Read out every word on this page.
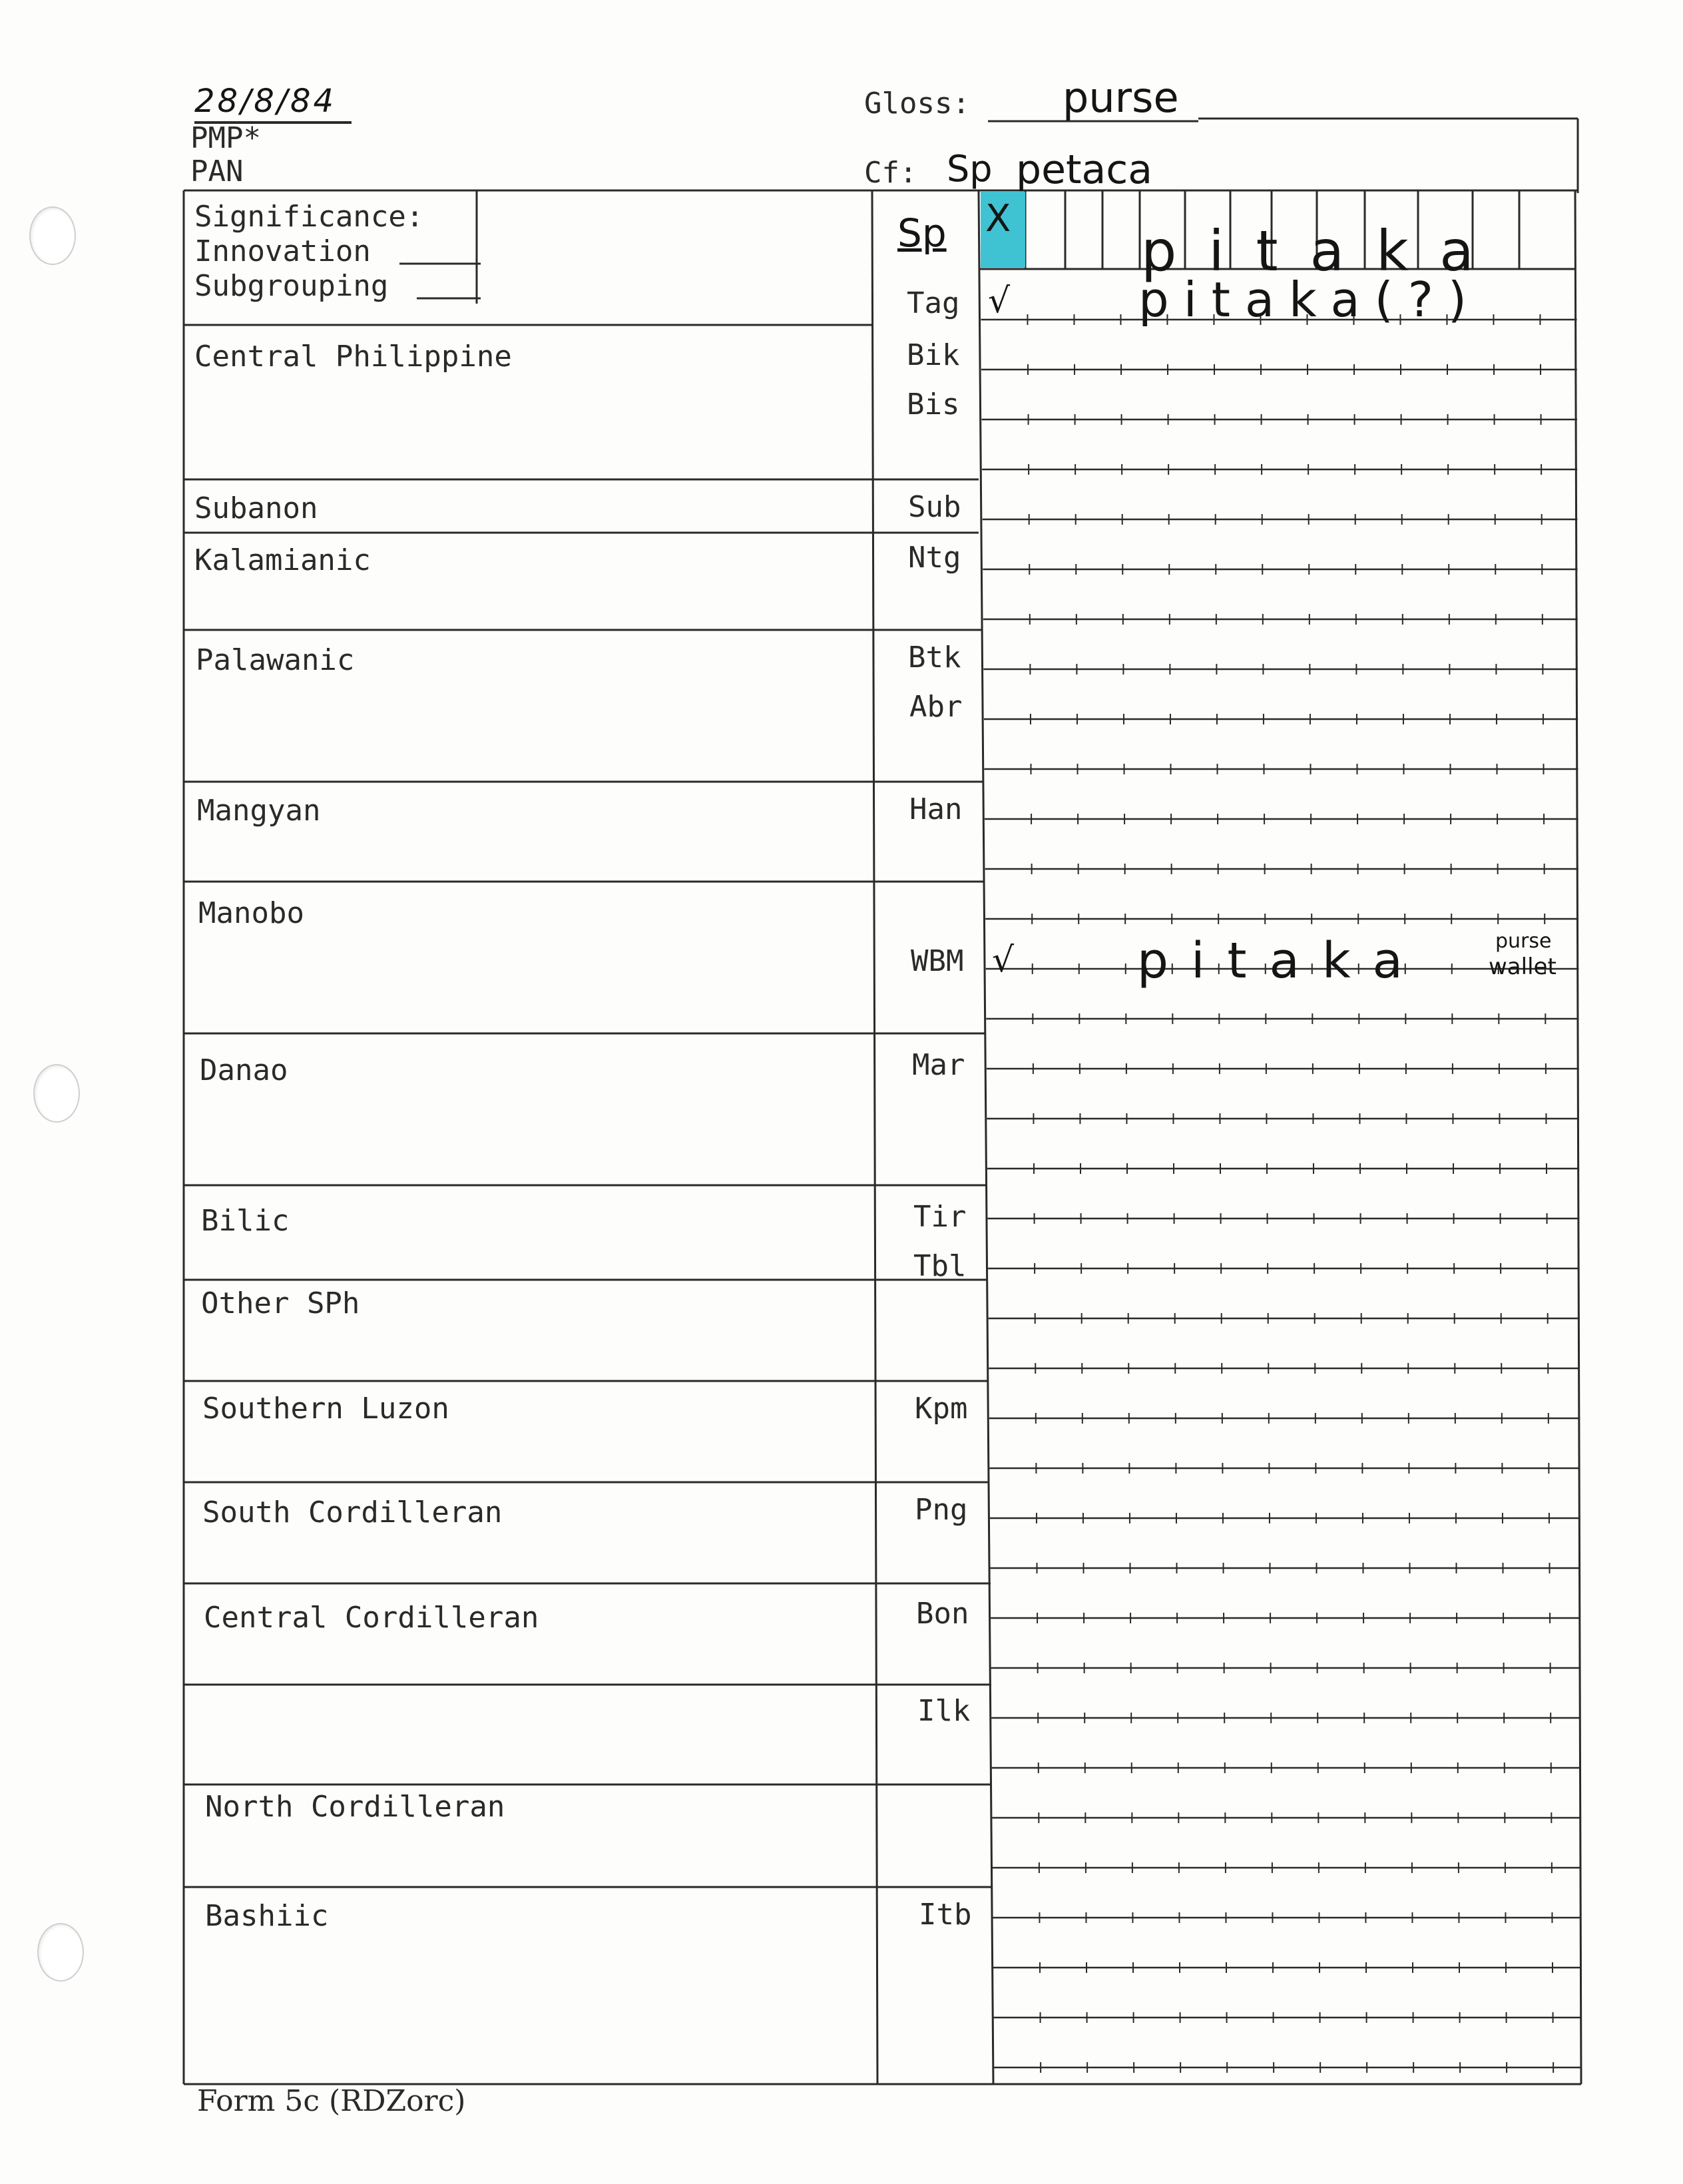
28/8/84
PMP*
PAN
Gloss: purse
Cf: Sp petaca
Significance:
Innovation
Subgrouping
Sp X pitaka
Tag √	pitaka(?)
WBM √ pitaka	purse
wallet
Central Philippine
Subanon
Kalamianic
Palawanic
Mangyan
Manobo
Danao
Bilic
Other SPh
Southern Luzon
South Cordilleran
Central Cordilleran
North Cordilleran
Bashiic
Bik
Bis
Sub
Ntg
Btk
Abr
Han
Mar
Tir
Tbl
Kpm
Png
Bon
Ilk
Itb
Form 5c (RDZorc)
